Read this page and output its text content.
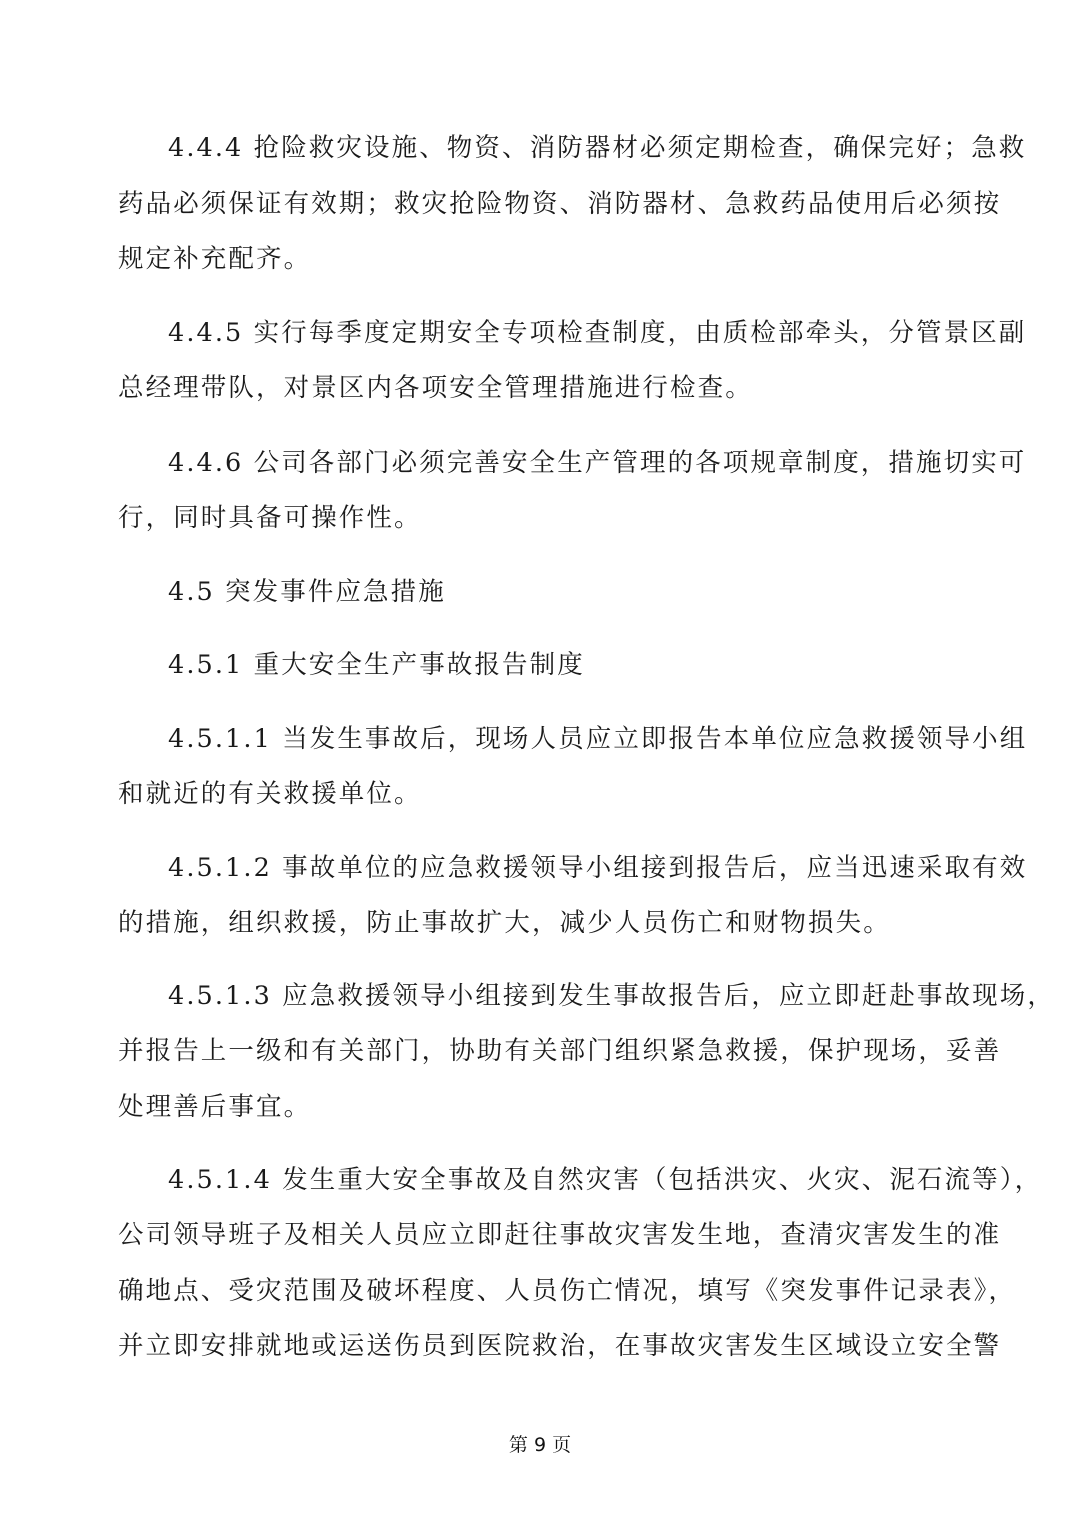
4.4.4 抢险救灾设施、物资、消防器材必须定期检查，确保完好；急救
药品必须保证有效期；救灾抢险物资、消防器材、急救药品使用后必须按
规定补充配齐。
4.4.5 实行每季度定期安全专项检查制度，由质检部牵头，分管景区副
总经理带队，对景区内各项安全管理措施进行检查。
4.4.6 公司各部门必须完善安全生产管理的各项规章制度，措施切实可
行，同时具备可操作性。
4.5 突发事件应急措施
4.5.1 重大安全生产事故报告制度
4.5.1.1 当发生事故后，现场人员应立即报告本单位应急救援领导小组
和就近的有关救援单位。
4.5.1.2 事故单位的应急救援领导小组接到报告后，应当迅速采取有效
的措施，组织救援，防止事故扩大，减少人员伤亡和财物损失。
4.5.1.3 应急救援领导小组接到发生事故报告后，应立即赶赴事故现场，
并报告上一级和有关部门，协助有关部门组织紧急救援，保护现场，妥善
处理善后事宜。
4.5.1.4 发生重大安全事故及自然灾害（包括洪灾、火灾、泥石流等），
公司领导班子及相关人员应立即赶往事故灾害发生地，查清灾害发生的准
确地点、受灾范围及破坏程度、人员伤亡情况，填写《突发事件记录表》，
并立即安排就地或运送伤员到医院救治，在事故灾害发生区域设立安全警
第 9 页
